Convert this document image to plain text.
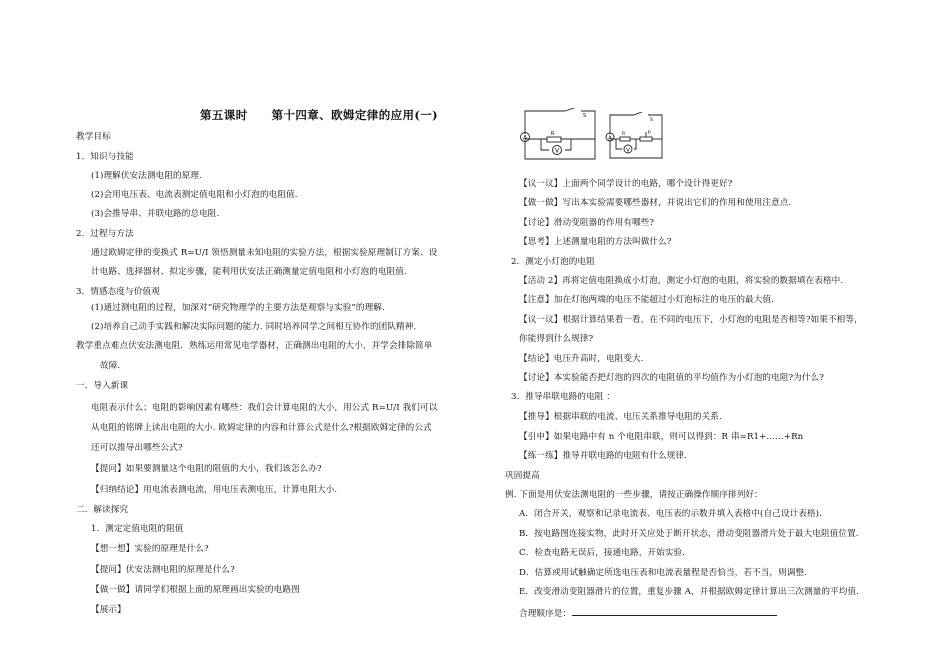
第五课时 第十四章、欧姆定律的应用(一)
教学目标
1．知识与技能
(1)理解伏安法测电阻的原理.
(2)会用电压表、电流表测定值电阻和小灯泡的电阻值.
(3)会推导串、并联电路的总电阻.
2．过程与方法
通过欧姆定律的变换式 R=U/I 领悟测量未知电阻的实验方法，根据实验原理制订方案、设
计电路、选择器材、拟定步骤，能利用伏安法正确测量定值电阻和小灯泡的电阻值.
3．情感态度与价值观
(1)通过测电阻的过程，加深对“研究物理学的主要方法是观察与实验”的理解.
(2)培养自己动手实践和解决实际问题的能力. 同时培养同学之间相互协作的团队精神.
教学重点难点伏安法测电阻．熟练运用常见电学器材，正确测出电阻的大小，并学会排除简单
故障.
一．导入新课
电阻表示什么；电阻的影响因素有哪些：我们会计算电阻的大小，用公式 R=U/I 我们可以
从电阻的铭牌上读出电阻的大小. 欧姆定律的内容和计算公式是什么?根据欧姆定律的公式
还可以推导出哪些公式?
【提问】如果要测量这个电阻的阻值的大小，我们该怎么办?
【归纳结论】用电流表测电流，用电压表测电压，计算电阻大小.
二．解读探究
1．测定定值电阻的阻值
【想一想】实验的原理是什么?
【提问】伏安法测电阻的原理是什么?
【做一做】请同学们根据上面的原理画出实验的电路图
【展示】
A
V
R
S
A
V
R	P
S
【议一议】上面两个同学设计的电路，哪个设计得更好?
【做一做】写出本实验需要哪些器材，并说出它们的作用和使用注意点.
【讨论】滑动变阻器的作用有哪些?
【思考】上述测量电阻的方法叫做什么?
2．测定小灯泡的电阻
【活动 2】再将定值电阻换成小灯泡，测定小灯泡的电阻，将实验的数据填在表格中.
【注意】加在灯泡两端的电压不能超过小灯泡标注的电压的最大值.
【议一议】根据计算结果看一看，在不同的电压下，小灯泡的电阻是否相等?如果不相等，
你能得到什么规律?
【结论】电压升高时，电阻变大.
【讨论】本实验能否把灯泡的四次的电阻值的平均值作为小灯泡的电阻?为什么?
3．推导串联电路的电阻 ：
【推导】根据串联的电流、电压关系推导电阻的关系.
【引申】如果电路中有 n 个电阻串联，则可以得到：R 串=R1+……+Rn
【练一练】推导并联电路的电阻有什么规律.
巩固提高
例. 下面是用伏安法测电阻的一些步骤，请按正确操作顺序排列好：
A．闭合开关，观察和记录电流表、电压表的示数并填入表格中(自己设计表格)．
B．按电路图连接实物，此时开关应处于断开状态，滑动变阻器滑片处于最大电阻值位置.
C．检查电路无误后，接通电路，开始实验.
D．估算或用试触确定所选电压表和电流表量程是否恰当，若不当，则调整．
E．改变滑动变阻器滑片的位置，重复步骤 A，并根据欧姆定律计算出三次测量的平均值.
合理顺序是：
